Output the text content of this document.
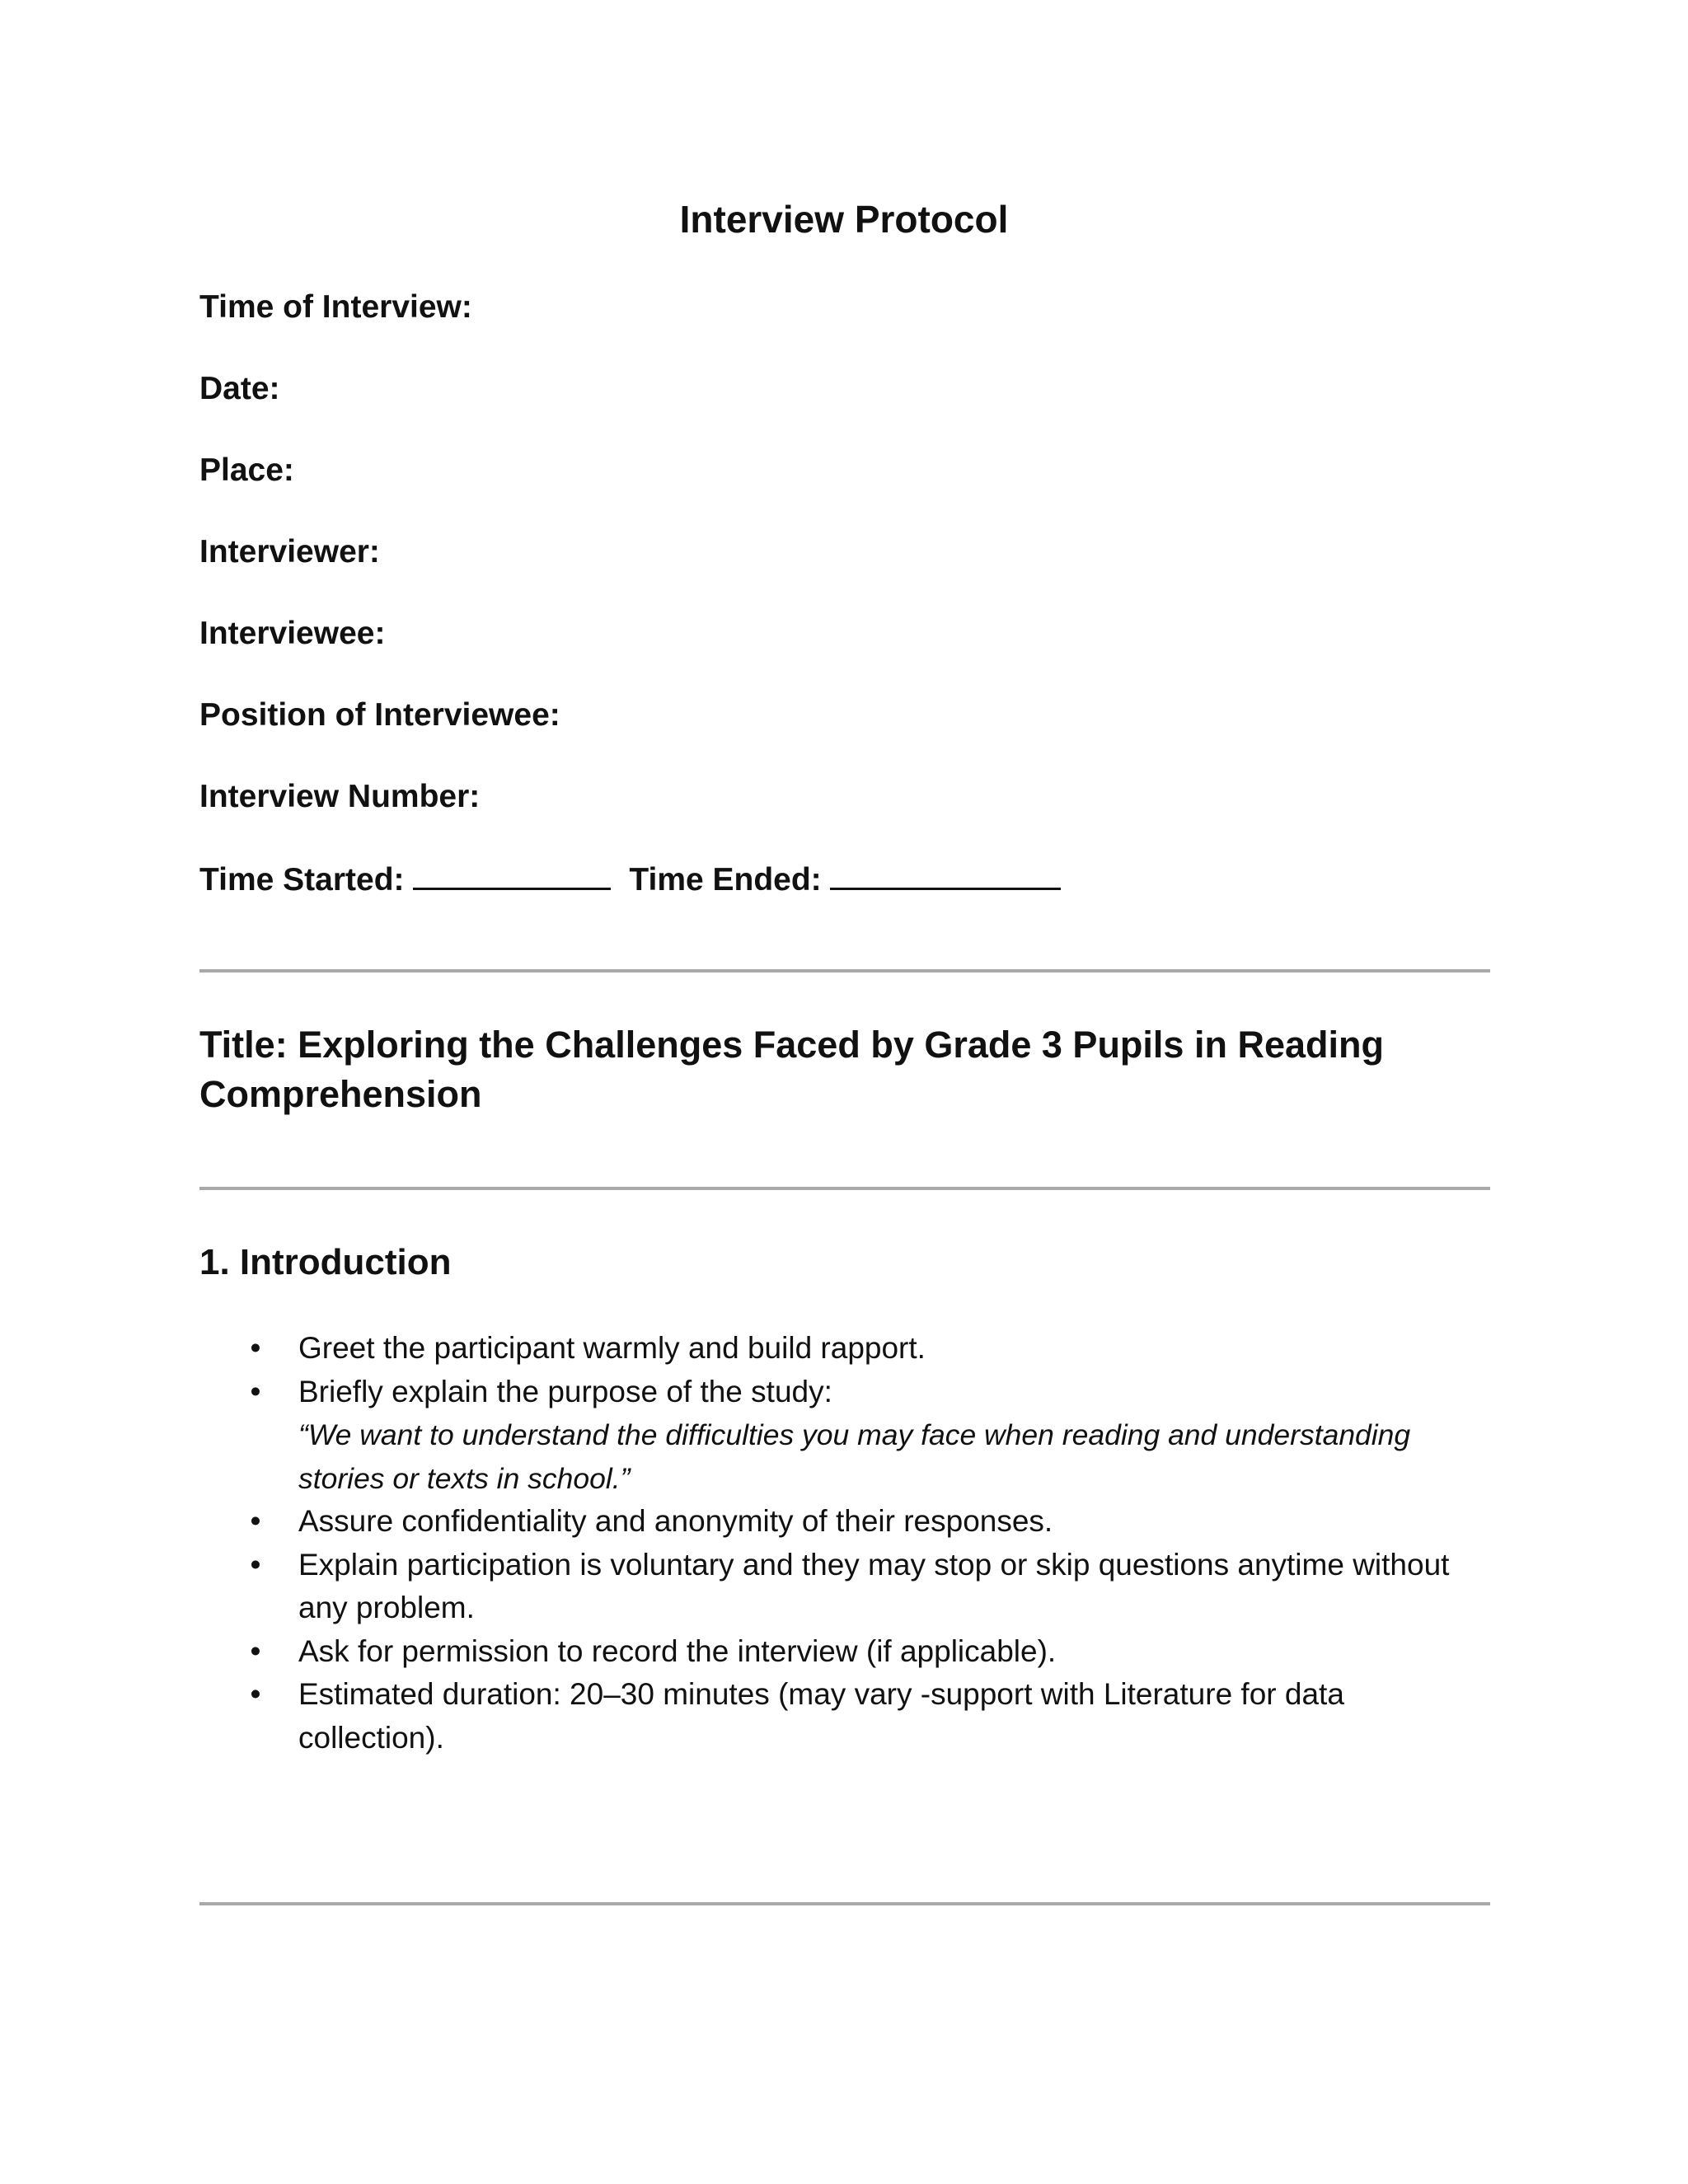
Interview Protocol
Time of Interview:
Date:
Place:
Interviewer:
Interviewee:
Position of Interviewee:
Interview Number:
Time Started:	Time Ended:
Title: Exploring the Challenges Faced by Grade 3 Pupils in Reading Comprehension
1. Introduction
• Greet the participant warmly and build rapport.
• Briefly explain the purpose of the study:
“We want to understand the difficulties you may face when reading and understanding stories or texts in school.”
• Assure confidentiality and anonymity of their responses.
• Explain participation is voluntary and they may stop or skip questions anytime without any problem.
• Ask for permission to record the interview (if applicable).
• Estimated duration: 20–30 minutes (may vary -support with Literature for data collection).
